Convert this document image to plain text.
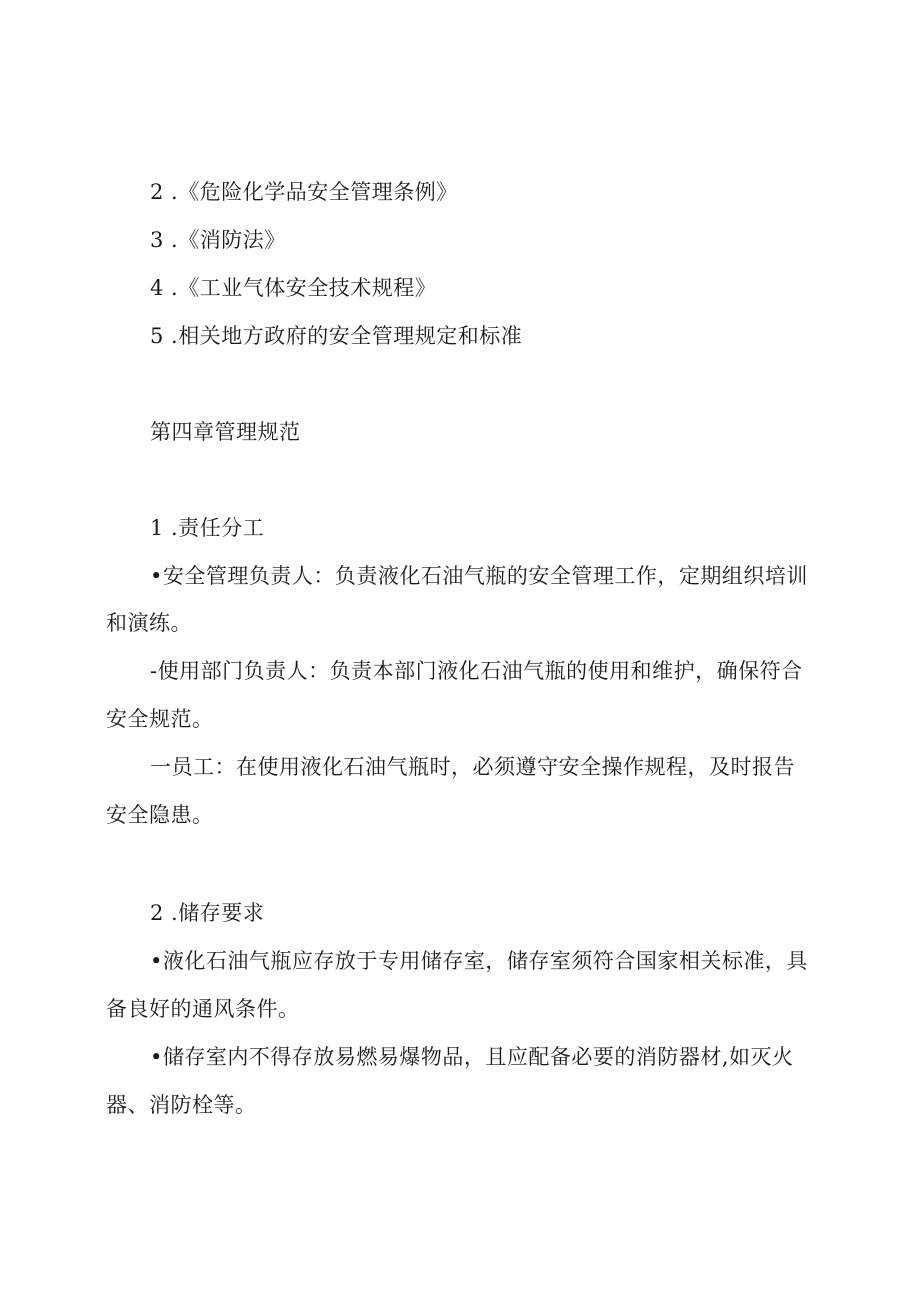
2 .《危险化学品安全管理条例》
3 .《消防法》
4 .《工业气体安全技术规程》
5 .相关地方政府的安全管理规定和标准
第四章管理规范
1 .责任分工
•安全管理负责人：负责液化石油气瓶的安全管理工作，定期组织培训
和演练。
-使用部门负责人：负责本部门液化石油气瓶的使用和维护，确保符合
安全规范。
一员工：在使用液化石油气瓶时，必须遵守安全操作规程，及时报告
安全隐患。
2 .储存要求
•液化石油气瓶应存放于专用储存室，储存室须符合国家相关标准，具
备良好的通风条件。
•储存室内不得存放易燃易爆物品，且应配备必要的消防器材,如灭火
器、消防栓等。
